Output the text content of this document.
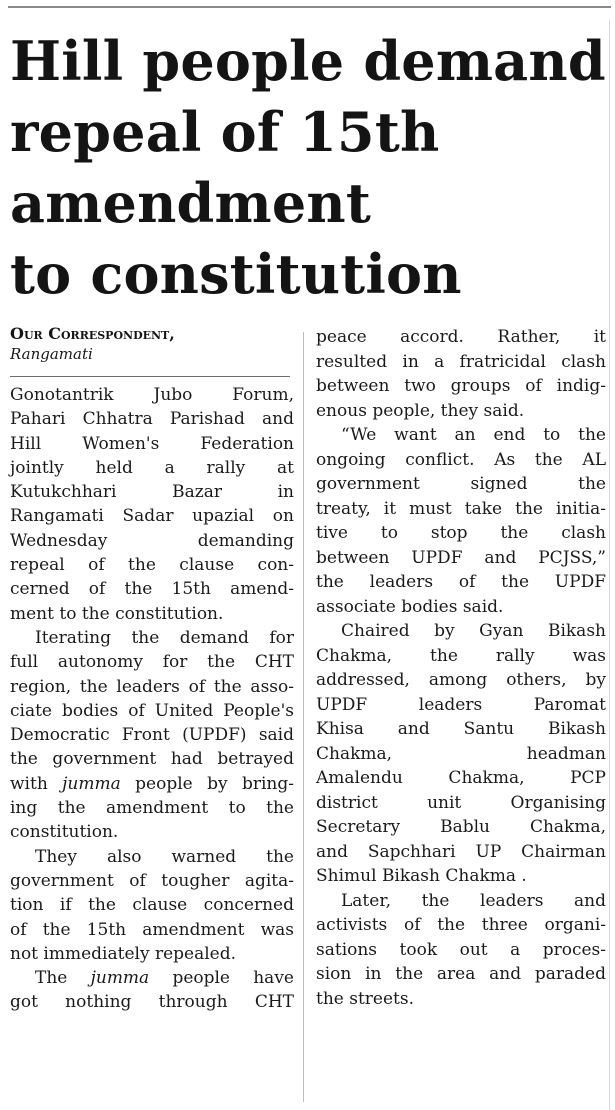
Hill people demand
repeal of 15th
amendment
to constitution
Our Correspondent,
Rangamati
Gonotantrik Jubo Forum,
Pahari Chhatra Parishad and
Hill Women's Federation
jointly held a rally at
Kutukchhari Bazar in
Rangamati Sadar upazial on
Wednesday demanding
repeal of the clause con-
cerned of the 15th amend-
ment to the constitution.
Iterating the demand for
full autonomy for the CHT
region, the leaders of the asso-
ciate bodies of United People's
Democratic Front (UPDF) said
the government had betrayed
with jumma people by bring-
ing the amendment to the
constitution.
They also warned the
government of tougher agita-
tion if the clause concerned
of the 15th amendment was
not immediately repealed.
The jumma people have
got nothing through CHT
peace accord. Rather, it
resulted in a fratricidal clash
between two groups of indig-
enous people, they said.
“We want an end to the
ongoing conflict. As the AL
government signed the
treaty, it must take the initia-
tive to stop the clash
between UPDF and PCJSS,”
the leaders of the UPDF
associate bodies said.
Chaired by Gyan Bikash
Chakma, the rally was
addressed, among others, by
UPDF leaders Paromat
Khisa and Santu Bikash
Chakma, headman
Amalendu Chakma, PCP
district unit Organising
Secretary Bablu Chakma,
and Sapchhari UP Chairman
Shimul Bikash Chakma .
Later, the leaders and
activists of the three organi-
sations took out a proces-
sion in the area and paraded
the streets.
